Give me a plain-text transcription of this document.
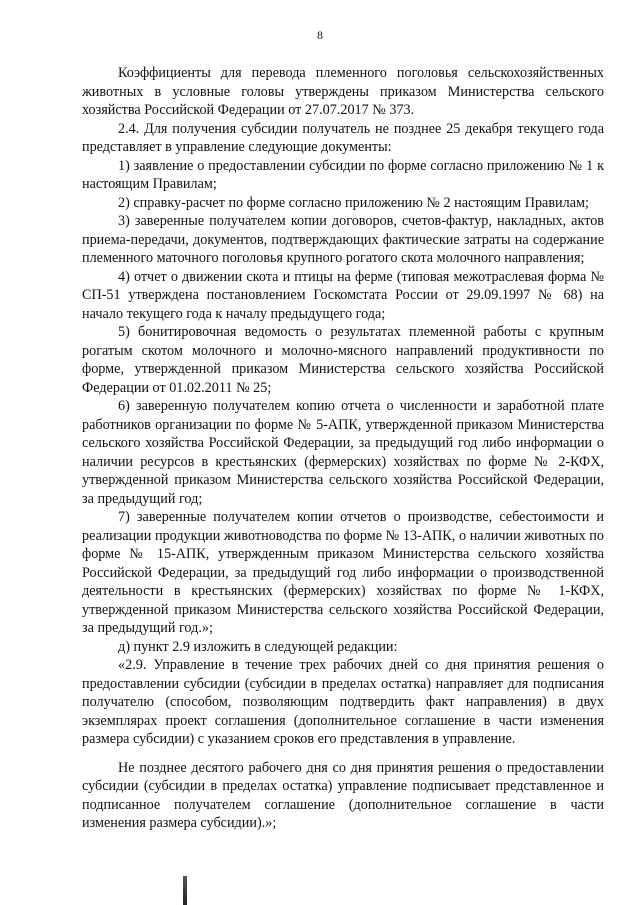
8

Коэффициенты для перевода племенного поголовья сельскохозяйственных животных в условные головы утверждены приказом Министерства сельского хозяйства Российской Федерации от 27.07.2017 № 373.

2.4. Для получения субсидии получатель не позднее 25 декабря текущего года представляет в управление следующие документы:

1) заявление о предоставлении субсидии по форме согласно приложению № 1 к настоящим Правилам;

2) справку-расчет по форме согласно приложению № 2 настоящим Правилам;

3) заверенные получателем копии договоров, счетов-фактур, накладных, актов приема-передачи, документов, подтверждающих фактические затраты на содержание племенного маточного поголовья крупного рогатого скота молочного направления;

4) отчет о движении скота и птицы на ферме (типовая межотраслевая форма № СП-51 утверждена постановлением Госкомстата России от 29.09.1997 № 68) на начало текущего года к началу предыдущего года;

5) бонитировочная ведомость о результатах племенной работы с крупным рогатым скотом молочного и молочно-мясного направлений продуктивности по форме, утвержденной приказом Министерства сельского хозяйства Российской Федерации от 01.02.2011 № 25;

6) заверенную получателем копию отчета о численности и заработной плате работников организации по форме № 5-АПК, утвержденной приказом Министерства сельского хозяйства Российской Федерации, за предыдущий год либо информации о наличии ресурсов в крестьянских (фермерских) хозяйствах по форме № 2-КФХ, утвержденной приказом Министерства сельского хозяйства Российской Федерации, за предыдущий год;

7) заверенные получателем копии отчетов о производстве, себестоимости и реализации продукции животноводства по форме № 13-АПК, о наличии животных по форме № 15-АПК, утвержденным приказом Министерства сельского хозяйства Российской Федерации, за предыдущий год либо информации о производственной деятельности в крестьянских (фермерских) хозяйствах по форме № 1-КФХ, утвержденной приказом Министерства сельского хозяйства Российской Федерации, за предыдущий год.»;

д) пункт 2.9 изложить в следующей редакции:

«2.9. Управление в течение трех рабочих дней со дня принятия решения о предоставлении субсидии (субсидии в пределах остатка) направляет для подписания получателю (способом, позволяющим подтвердить факт направления) в двух экземплярах проект соглашения (дополнительное соглашение в части изменения размера субсидии) с указанием сроков его представления в управление.

Не позднее десятого рабочего дня со дня принятия решения о предоставлении субсидии (субсидии в пределах остатка) управление подписывает представленное и подписанное получателем соглашение (дополнительное соглашение в части изменения размера субсидии).»;
